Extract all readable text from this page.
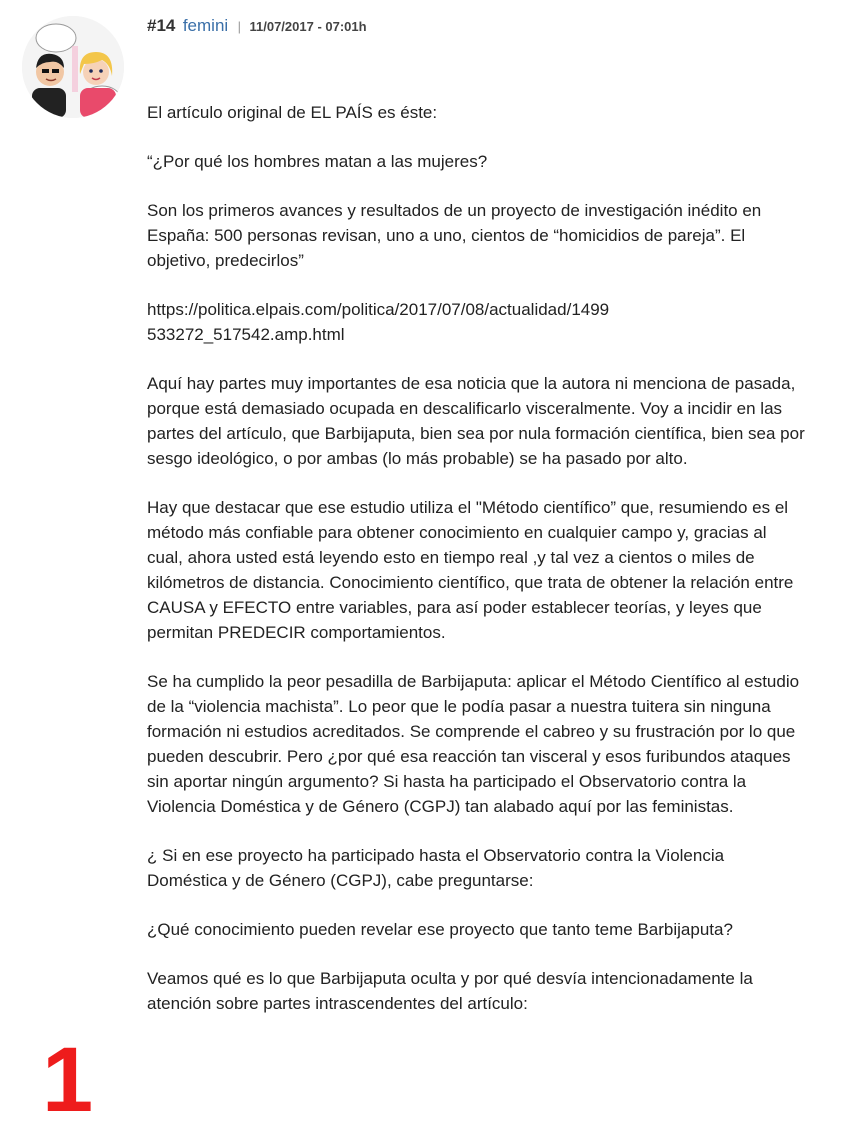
#14 femini | 11/07/2017 - 07:01h

El artículo original de EL PAÍS es éste:

“¿Por qué los hombres matan a las mujeres?

Son los primeros avances y resultados de un proyecto de investigación inédito en España: 500 personas revisan, uno a uno, cientos de “homicidios de pareja”. El objetivo, predecirlos”

https://politica.elpais.com/politica/2017/07/08/actualidad/1499533272_517542.amp.html

Aquí hay partes muy importantes de esa noticia que la autora ni menciona de pasada, porque está demasiado ocupada en descalificarlo visceralmente. Voy a incidir en las partes del artículo, que Barbijaputa, bien sea por nula formación científica, bien sea por sesgo ideológico, o por ambas (lo más probable) se ha pasado por alto.

Hay que destacar que ese estudio utiliza el "Método científico” que, resumiendo es el método más confiable para obtener conocimiento en cualquier campo y, gracias al cual, ahora usted está leyendo esto en tiempo real ,y tal vez a cientos o miles de kilómetros de distancia. Conocimiento científico, que trata de obtener la relación entre CAUSA y EFECTO entre variables, para así poder establecer teorías, y leyes que permitan PREDECIR comportamientos.

Se ha cumplido la peor pesadilla de Barbijaputa: aplicar el Método Científico al estudio de la “violencia machista”. Lo peor que le podía pasar a nuestra tuitera sin ninguna formación ni estudios acreditados. Se comprende el cabreo y su frustración por lo que pueden descubrir. Pero ¿por qué esa reacción tan visceral y esos furibundos ataques sin aportar ningún argumento? Si hasta ha participado el Observatorio contra la Violencia Doméstica y de Género (CGPJ) tan alabado aquí por las feministas.

¿ Si en ese proyecto ha participado hasta el Observatorio contra la Violencia Doméstica y de Género (CGPJ), cabe preguntarse:

¿Qué conocimiento pueden revelar ese proyecto que tanto teme Barbijaputa?

Veamos qué es lo que Barbijaputa oculta y por qué desvía intencionadamente la atención sobre partes intrascendentes del artículo:

1
